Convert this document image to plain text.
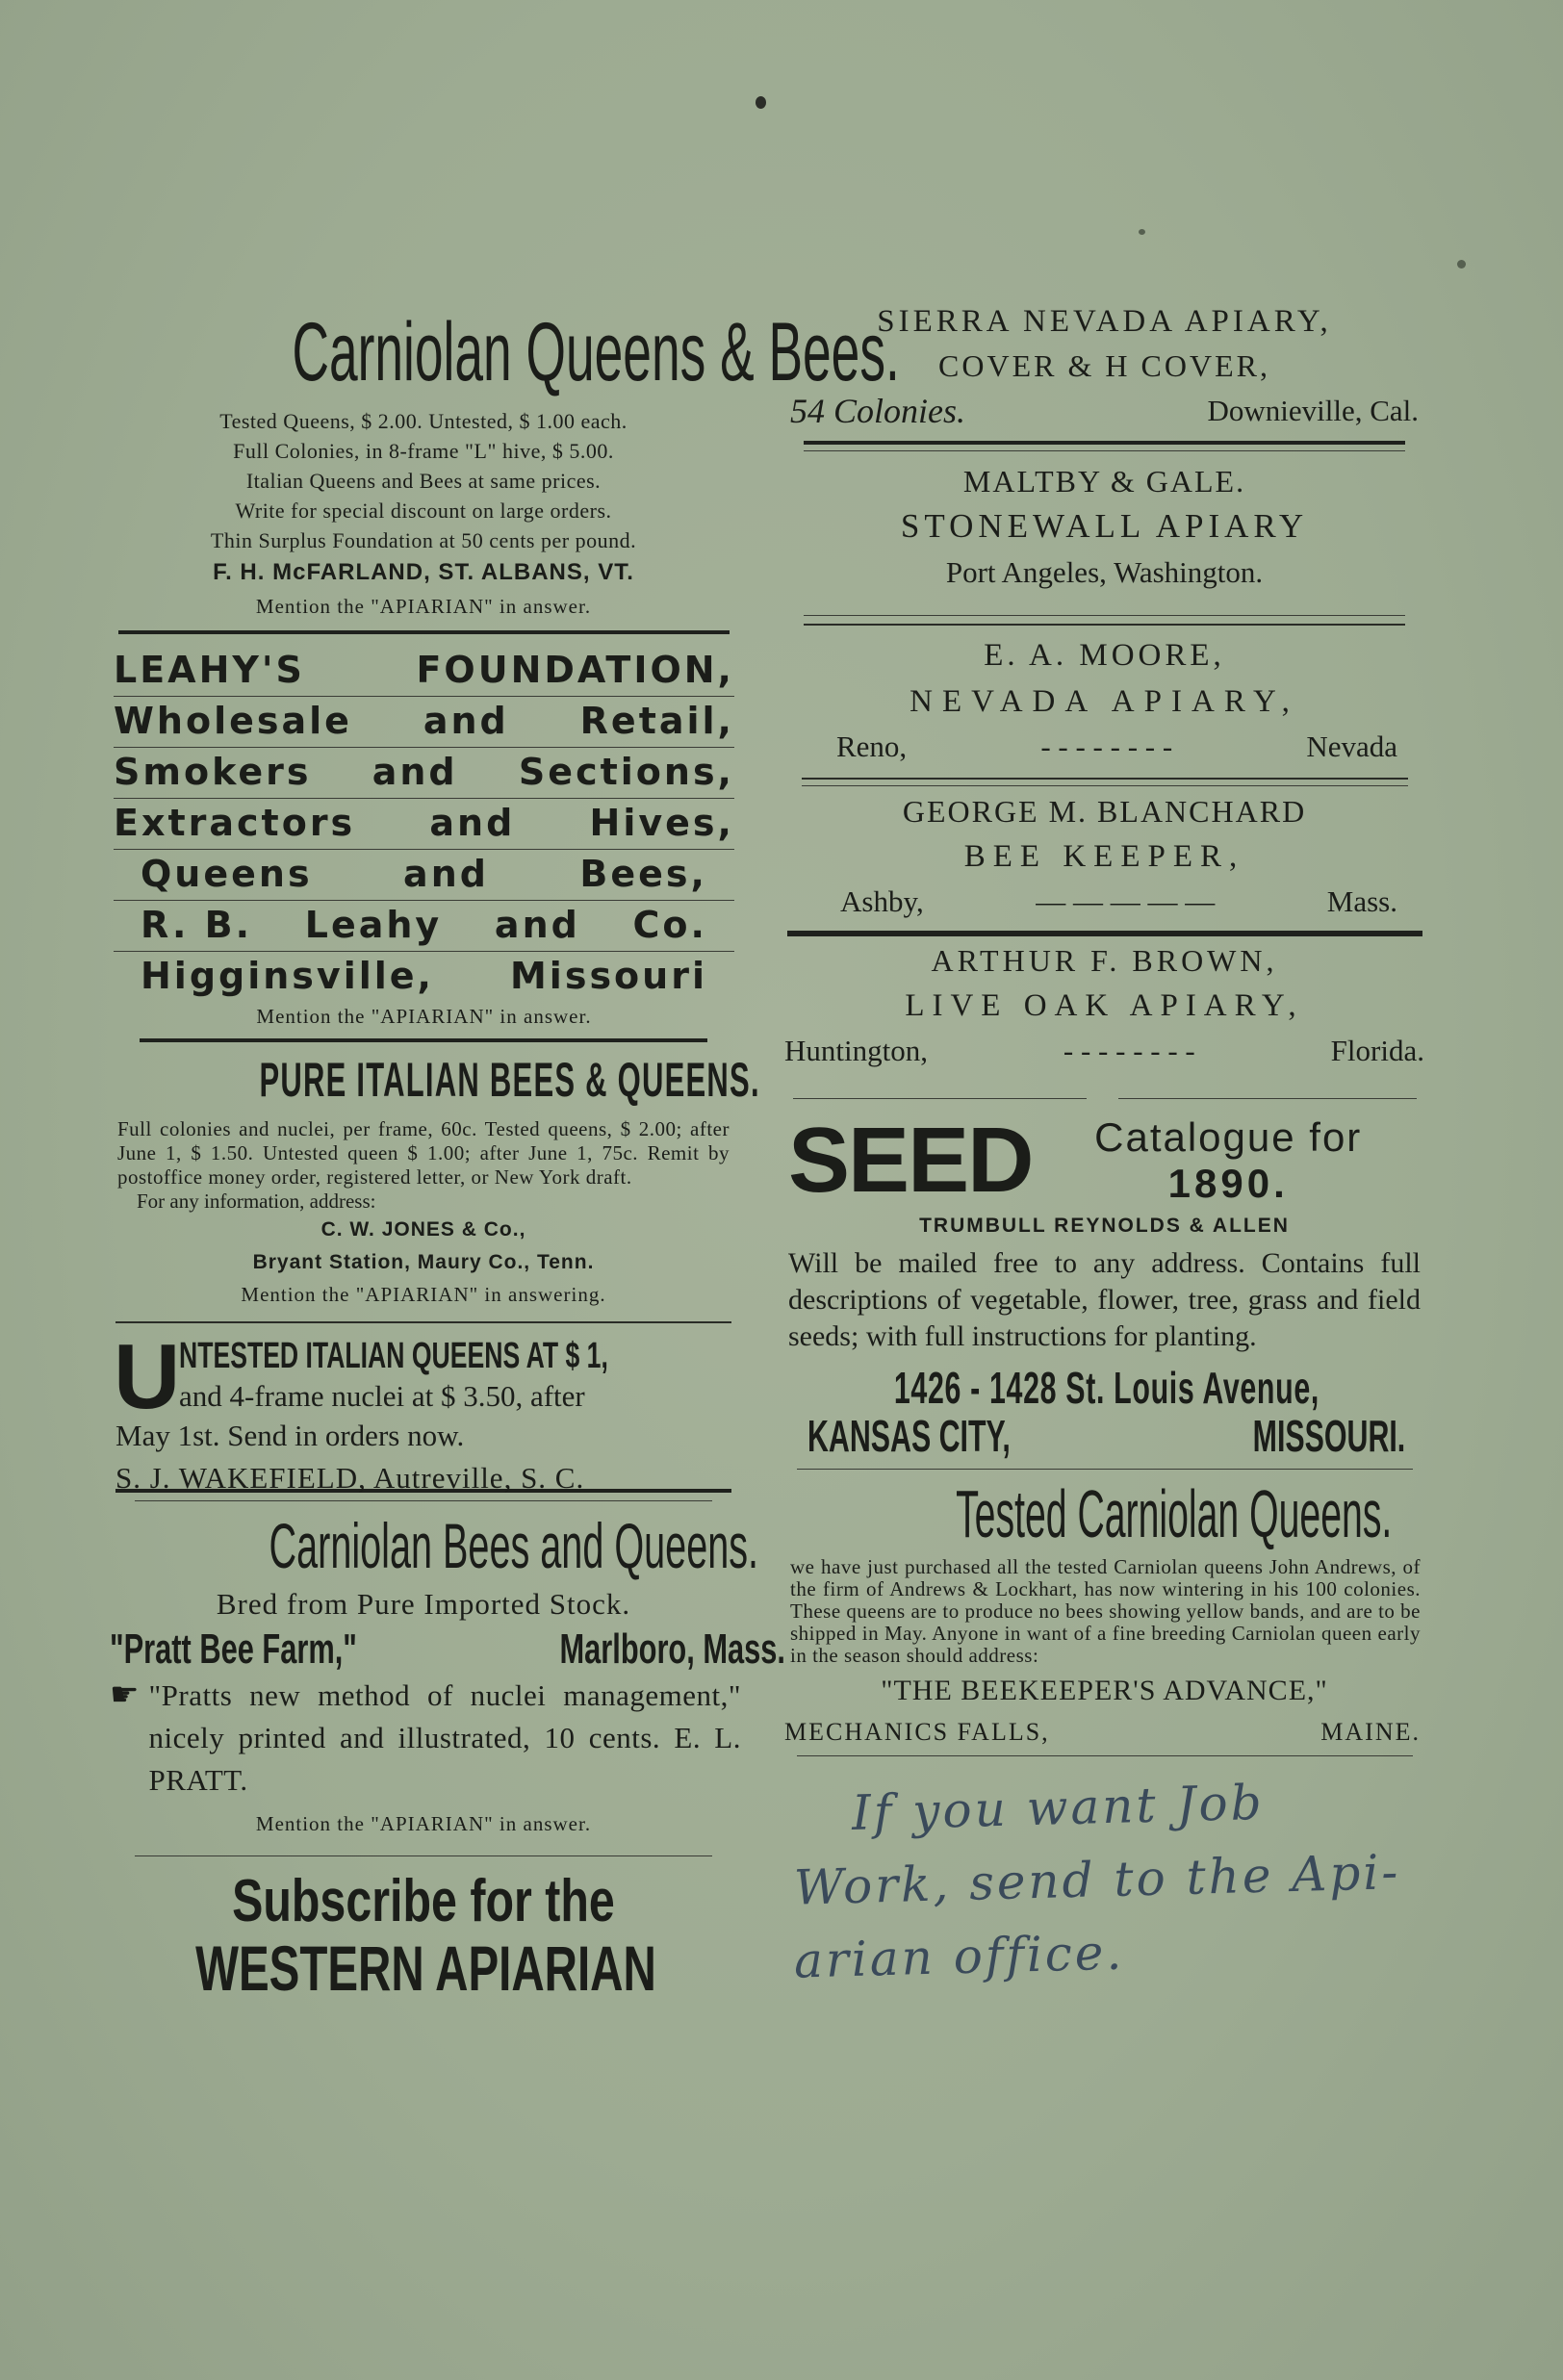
Carniolan Queens & Bees.
Tested Queens, $ 2.00. Untested, $ 1.00 each.
Full Colonies, in 8-frame "L" hive, $ 5.00.
Italian Queens and Bees at same prices.
Write for special discount on large orders.
Thin Surplus Foundation at 50 cents per pound.
F. H. McFARLAND, ST. ALBANS, VT.
Mention the "APIARIAN" in answer.
LEAHY'S	FOUNDATION,
Wholesale and Retail,
Smokers and Sections,
Extractors and Hives,
Queens and Bees,
R. B. Leahy and Co.
Higginsville, Missouri
Mention the "APIARIAN" in answer.
PURE ITALIAN BEES & QUEENS.
Full colonies and nuclei, per frame, 60c. Tested queens, $ 2.00; after June 1, $ 1.50. Untested queen $ 1.00; after June 1, 75c. Remit by postoffice money order, registered letter, or New York draft.
For any information, address:
C. W. JONES & Co.,
Bryant Station, Maury Co., Tenn.
Mention the "APIARIAN" in answering.
U
NTESTED ITALIAN QUEENS AT $ 1,
and 4-frame nuclei at $ 3.50, after
May 1st. Send in orders now.
S. J. WAKEFIELD, Autreville, S. C.
Carniolan Bees and Queens.
Bred from Pure Imported Stock.
"Pratt Bee Farm,"	Marlboro, Mass.
☛ "Pratts new method of nuclei management," nicely printed and illustrated, 10 cents. E. L. PRATT.
Mention the "APIARIAN" in answer.
Subscribe for the
WESTERN APIARIAN
SIERRA NEVADA APIARY,
COVER & H COVER,
54 Colonies.	Downieville, Cal.
MALTBY & GALE.
STONEWALL APIARY
Port Angeles, Washington.
E. A. MOORE,
NEVADA APIARY,
Reno,	- - - - - - - -	Nevada
GEORGE M. BLANCHARD
BEE KEEPER,
Ashby,	— — — — —	Mass.
ARTHUR F. BROWN,
LIVE OAK APIARY,
Huntington,	- - - - - - - -	Florida.
SEED	Catalogue for
1890.
TRUMBULL REYNOLDS & ALLEN
Will be mailed free to any address. Contains full descriptions of vegetable, flower, tree, grass and field seeds; with full instructions for planting.
1426 - 1428 St. Louis Avenue,
KANSAS CITY,	MISSOURI.
Tested Carniolan Queens.
we have just purchased all the tested Carniolan queens John Andrews, of the firm of Andrews & Lockhart, has now wintering in his 100 colonies. These queens are to produce no bees showing yellow bands, and are to be shipped in May. Anyone in want of a fine breeding Carniolan queen early in the season should address:
"THE BEEKEEPER'S ADVANCE,"
MECHANICS FALLS,	MAINE.
If you want Job
Work, send to the Api-
arian office.
